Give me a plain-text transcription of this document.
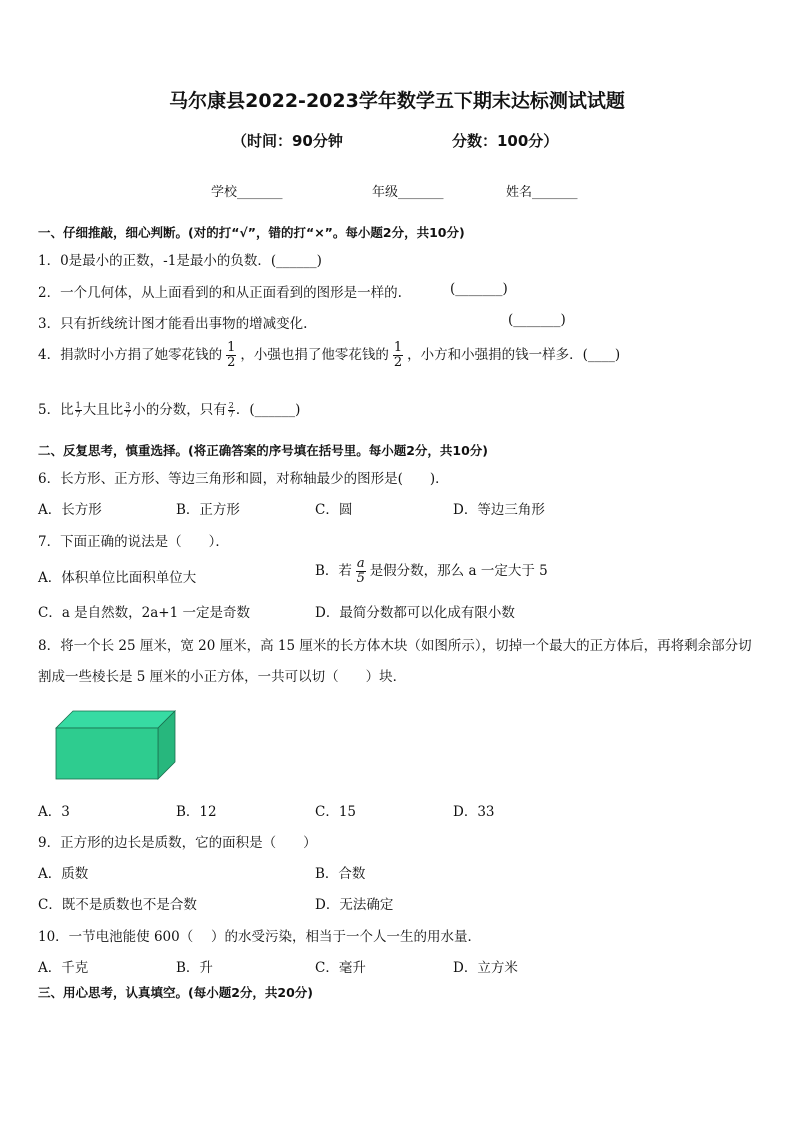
马尔康县2022-2023学年数学五下期末达标测试试题
（时间：90分钟	分数：100分）
学校_______	年级_______	姓名_______
一、仔细推敲，细心判断。(对的打“√”，错的打“×”。每小题2分，共10分)
1．0是最小的正数，-1是最小的负数．(______)
2．一个几何体，从上面看到的和从正面看到的图形是一样的.	(_______)
3．只有折线统计图才能看出事物的增减变化.	(_______)
4．捐款时小方捐了她零花钱的 $\frac{1}{2}$ ，小强也捐了他零花钱的 $\frac{1}{2}$ ，小方和小强捐的钱一样多．(____)
5．比 $\frac{1}{7}$ 大且比 $\frac{3}{7}$ 小的分数，只有 $\frac{2}{7}$ ．(______)
二、反复思考，慎重选择。(将正确答案的序号填在括号里。每小题2分，共10分)
6．长方形、正方形、等边三角形和圆，对称轴最少的图形是(　　)．
A．长方形	B．正方形	C．圆	D．等边三角形
7．下面正确的说法是（　　）．
A．体积单位比面积单位大	B．若 $\frac{a}{5}$ 是假分数，那么 a 一定大于 5
C．a 是自然数，2a+1 一定是奇数	D．最简分数都可以化成有限小数
8．将一个长 25 厘米，宽 20 厘米，高 15 厘米的长方体木块（如图所示），切掉一个最大的正方体后，再将剩余部分切
割成一些棱长是 5 厘米的小正方体，一共可以切（　　）块．
A．3	B．12	C．15	D．33
9．正方形的边长是质数，它的面积是（　　）
A．质数	B．合数
C．既不是质数也不是合数	D．无法确定
10．一节电池能使 600（　 ）的水受污染，相当于一个人一生的用水量．
A．千克	B．升	C．毫升	D．立方米
三、用心思考，认真填空。(每小题2分，共20分)
